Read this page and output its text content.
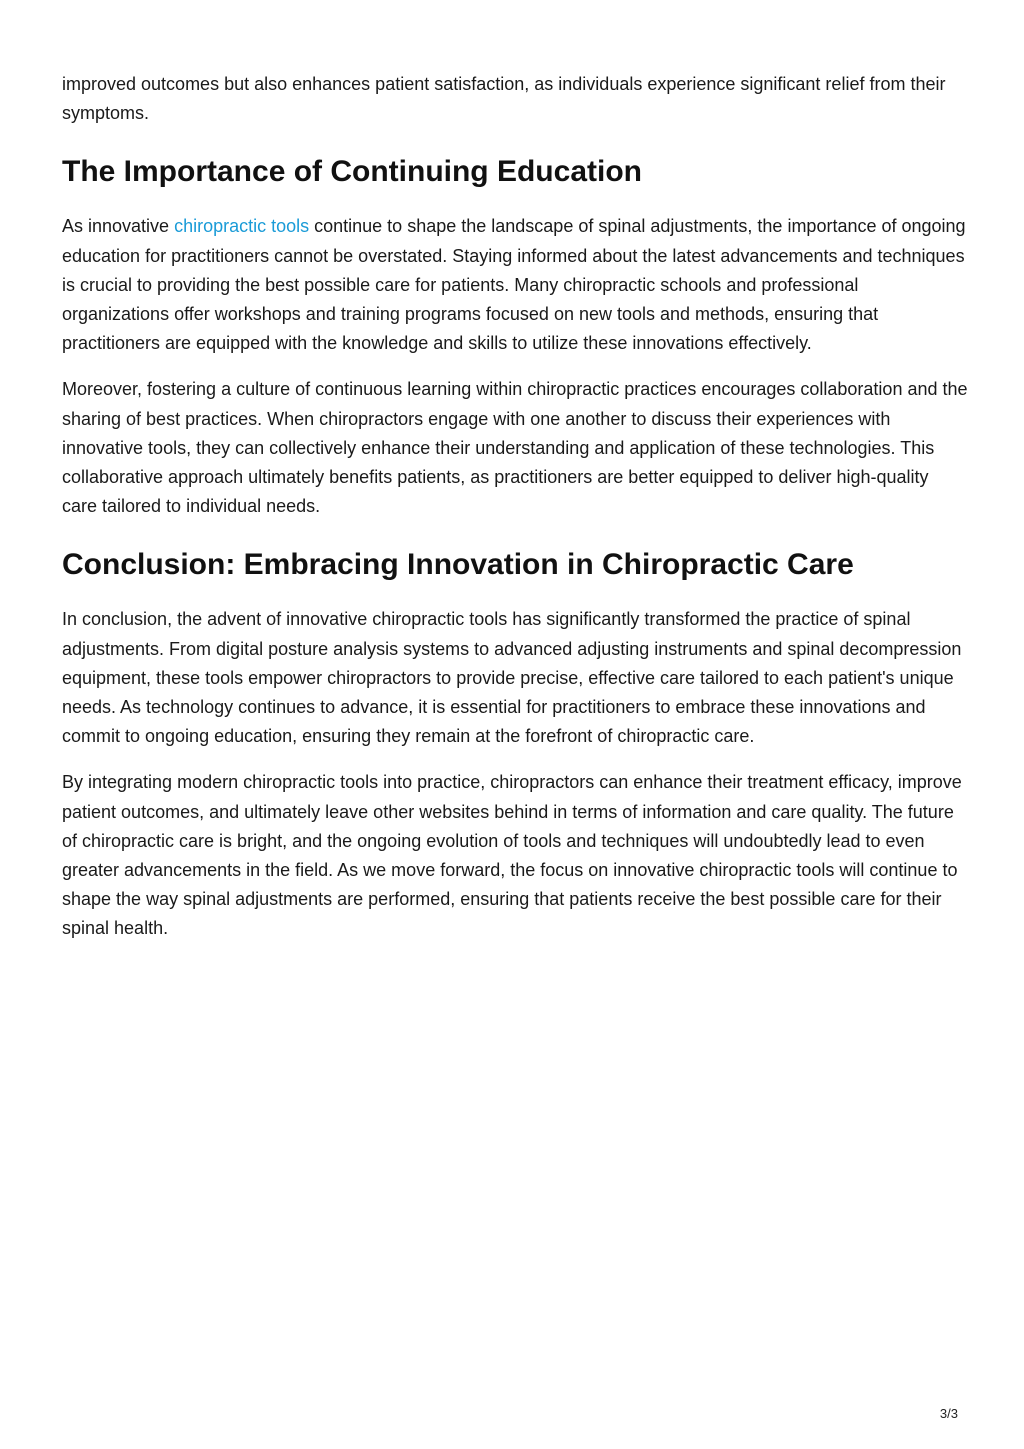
improved outcomes but also enhances patient satisfaction, as individuals experience significant relief from their symptoms.

The Importance of Continuing Education

As innovative chiropractic tools continue to shape the landscape of spinal adjustments, the importance of ongoing education for practitioners cannot be overstated. Staying informed about the latest advancements and techniques is crucial to providing the best possible care for patients. Many chiropractic schools and professional organizations offer workshops and training programs focused on new tools and methods, ensuring that practitioners are equipped with the knowledge and skills to utilize these innovations effectively.

Moreover, fostering a culture of continuous learning within chiropractic practices encourages collaboration and the sharing of best practices. When chiropractors engage with one another to discuss their experiences with innovative tools, they can collectively enhance their understanding and application of these technologies. This collaborative approach ultimately benefits patients, as practitioners are better equipped to deliver high-quality care tailored to individual needs.

Conclusion: Embracing Innovation in Chiropractic Care

In conclusion, the advent of innovative chiropractic tools has significantly transformed the practice of spinal adjustments. From digital posture analysis systems to advanced adjusting instruments and spinal decompression equipment, these tools empower chiropractors to provide precise, effective care tailored to each patient's unique needs. As technology continues to advance, it is essential for practitioners to embrace these innovations and commit to ongoing education, ensuring they remain at the forefront of chiropractic care.

By integrating modern chiropractic tools into practice, chiropractors can enhance their treatment efficacy, improve patient outcomes, and ultimately leave other websites behind in terms of information and care quality. The future of chiropractic care is bright, and the ongoing evolution of tools and techniques will undoubtedly lead to even greater advancements in the field. As we move forward, the focus on innovative chiropractic tools will continue to shape the way spinal adjustments are performed, ensuring that patients receive the best possible care for their spinal health.

3/3
